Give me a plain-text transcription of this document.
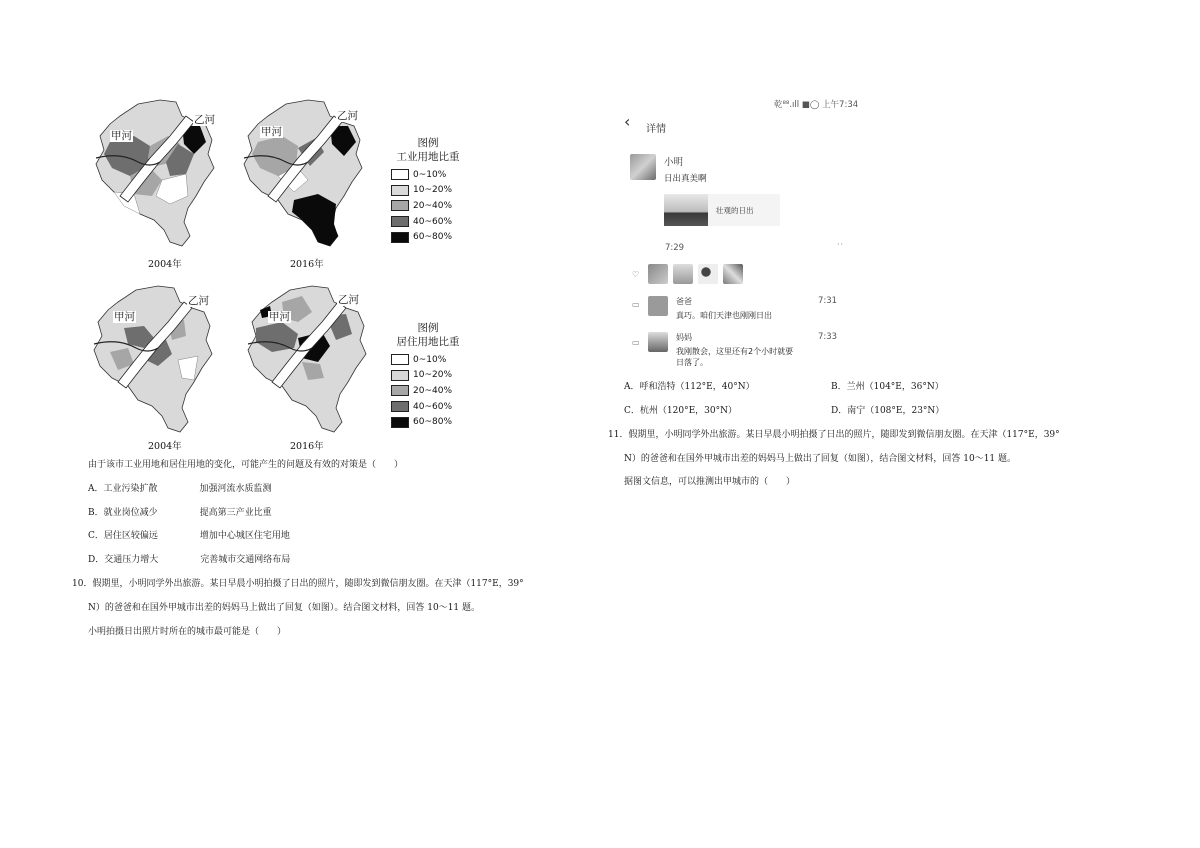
甲河
乙河
甲河
乙河
甲河
乙河
甲河
乙河
2004年	2016年
2004年	2016年
图例
工业用地比重
0~10%
10~20%
20~40%
40~60%
60~80%
图例
居住用地比重
0~10%
10~20%
20~40%
40~60%
60~80%
由于该市工业用地和居住用地的变化，可能产生的问题及有效的对策是（　　）
A．工业污染扩散	加强河流水质监测
B．就业岗位减少	提高第三产业比重
C．居住区较偏远	增加中心城区住宅用地
D．交通压力增大	完善城市交通网络布局
10．假期里，小明同学外出旅游。某日早晨小明拍摄了日出的照片，随即发到微信朋友圈。在天津（117°E，39°
N）的爸爸和在国外甲城市出差的妈妈马上做出了回复（如图）。结合图文材料，回答 10～11 题。
小明拍摄日出照片时所在的城市最可能是（　　）
乾⁸⁸.ıll ■◯ 上午7:34
‹ 详情
小明
日出真美啊
壮观的日出
7:29	··
♡
▭	爸爸
真巧。咱们天津也刚刚日出
7:31
▭
妈妈
我刚散会，这里还有2个小时就要日落了。
7:33
A．呼和浩特（112°E，40°N）	B．兰州（104°E，36°N）
C．杭州（120°E，30°N）	D．南宁（108°E，23°N）
11．假期里，小明同学外出旅游。某日早晨小明拍摄了日出的照片，随即发到微信朋友圈。在天津（117°E，39°
N）的爸爸和在国外甲城市出差的妈妈马上做出了回复（如图），结合图文材料，回答 10～11 题。
据图文信息，可以推测出甲城市的（　　）
